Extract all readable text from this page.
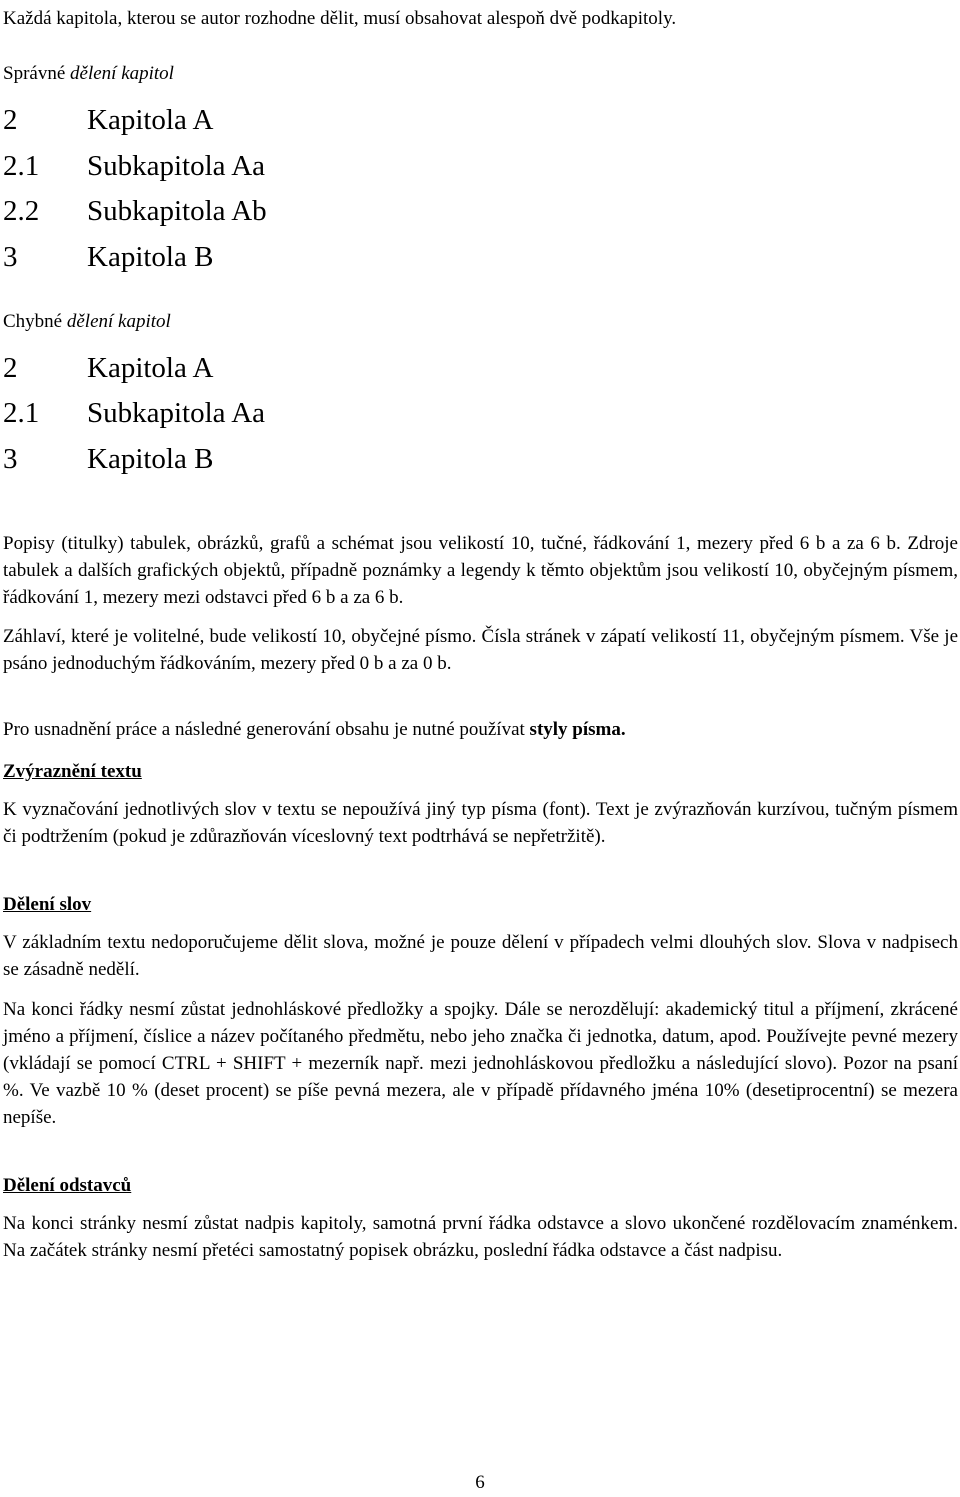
Každá kapitola, kterou se autor rozhodne dělit, musí obsahovat alespoň dvě podkapitoly.

Správné dělení kapitol
2 Kapitola A
2.1 Subkapitola Aa
2.2 Subkapitola Ab
3 Kapitola B
Chybné dělení kapitol
2 Kapitola A
2.1 Subkapitola Aa
3 Kapitola B

Popisy (titulky) tabulek, obrázků, grafů a schémat jsou velikostí 10, tučné, řádkování 1, mezery před 6 b a za 6 b. Zdroje tabulek a dalších grafických objektů, případně poznámky a legendy k těmto objektům jsou velikostí 10, obyčejným písmem, řádkování 1, mezery mezi odstavci před 6 b a za 6 b.

Záhlaví, které je volitelné, bude velikostí 10, obyčejné písmo. Čísla stránek v zápatí velikostí 11, obyčejným písmem. Vše je psáno jednoduchým řádkováním, mezery před 0 b a za 0 b.

Pro usnadnění práce a následné generování obsahu je nutné používat styly písma.

Zvýraznění textu

K vyznačování jednotlivých slov v textu se nepoužívá jiný typ písma (font). Text je zvýrazňován kurzívou, tučným písmem či podtržením (pokud je zdůrazňován víceslovný text podtrhává se nepřetržitě).

Dělení slov

V základním textu nedoporučujeme dělit slova, možné je pouze dělení v případech velmi dlouhých slov. Slova v nadpisech se zásadně nedělí.

Na konci řádky nesmí zůstat jednohláskové předložky a spojky. Dále se nerozdělují: akademický titul a příjmení, zkrácené jméno a příjmení, číslice a název počítaného předmětu, nebo jeho značka či jednotka, datum, apod. Používejte pevné mezery (vkládají se pomocí CTRL + SHIFT + mezerník např. mezi jednohláskovou předložku a následující slovo). Pozor na psaní %. Ve vazbě 10 % (deset procent) se píše pevná mezera, ale v případě přídavného jména 10% (desetiprocentní) se mezera nepíše.

Dělení odstavců

Na konci stránky nesmí zůstat nadpis kapitoly, samotná první řádka odstavce a slovo ukončené rozdělovacím znaménkem. Na začátek stránky nesmí přetéci samostatný popisek obrázku, poslední řádka odstavce a část nadpisu.

6
